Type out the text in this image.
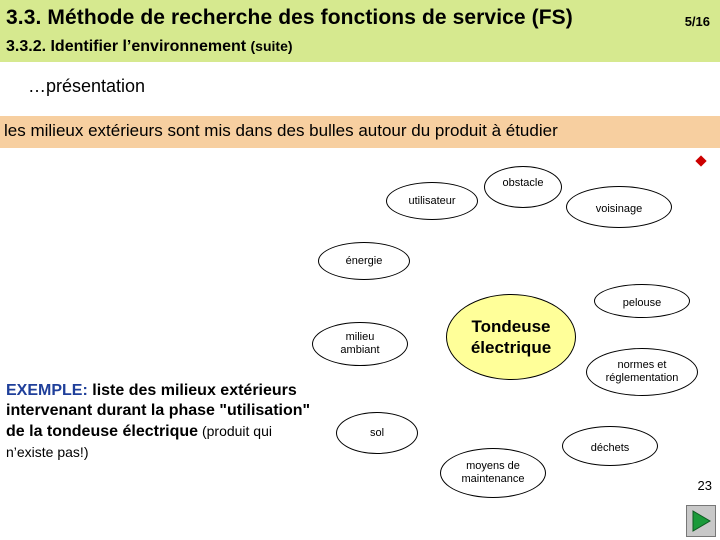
3.3. Méthode de recherche des fonctions de service (FS)	5/16
3.3.2. Identifier l’environnement (suite)
…présentation
les milieux extérieurs sont mis dans des bulles autour du produit à étudier
utilisateur
obstacle
voisinage
énergie
pelouse
milieu
ambiant
normes et
réglementation
sol
déchets
moyens de
maintenance
Tondeuse
électrique
EXEMPLE: liste des milieux extérieurs intervenant durant la phase "utilisation" de la tondeuse électrique (produit qui n’existe pas!)
23
